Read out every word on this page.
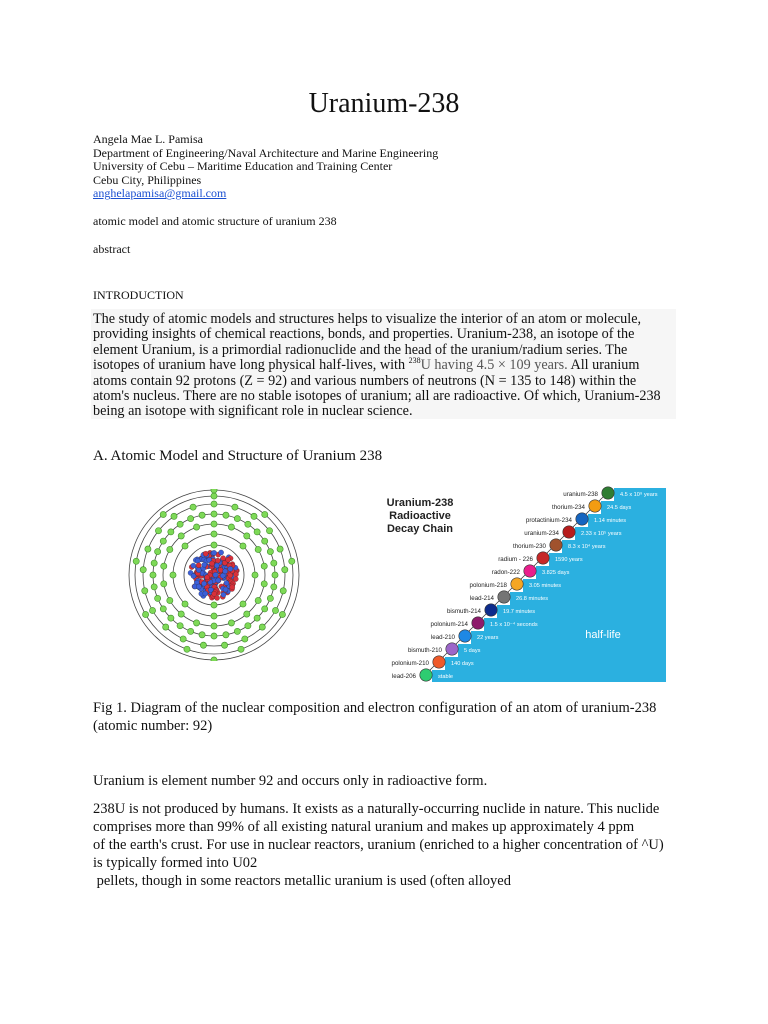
Uranium-238
Angela Mae L. Pamisa
Department of Engineering/Naval Architecture and Marine Engineering
University of Cebu – Maritime Education and Training Center
Cebu City, Philippines
anghelapamisa@gmail.com
atomic model and atomic structure of uranium 238
abstract
INTRODUCTION
The study of atomic models and structures helps to visualize the interior of an atom or molecule, providing insights of chemical reactions, bonds, and properties. Uranium-238, an isotope of the element Uranium, is a primordial radionuclide and the head of the uranium/radium series. The isotopes of uranium have long physical half-lives, with $^{238}$U having 4.5 × 109 years. All uranium atoms contain 92 protons (Z = 92) and various numbers of neutrons (N = 135 to 148) within the atom's nucleus. There are no stable isotopes of uranium; all are radioactive. Of which, Uranium-238 being an isotope with significant role in nuclear science.
A. Atomic Model and Structure of Uranium 238
Uranium-238
Radioactive
Decay Chain
uranium-238	4.5 x 10⁹ years
thorium-234	24.5 days
protactinium-234	1.14 minutes
uranium-234	2.33 x 10⁵ years
thorium-230	8.3 x 10⁴ years
radium - 226	1590 years
radon-222	3.825 days
polonium-218	3.05 minutes
lead-214	26.8 minutes
bismuth-214	19.7 minutes
polonium-214	1.5 x 10⁻⁴ seconds
lead-210	22 years
bismuth-210	5 days
polonium-210	140 days
lead-206	stable
half-life
Fig 1. Diagram of the nuclear composition and electron configuration of an atom of uranium-238 (atomic number: 92)
Uranium is element number 92 and occurs only in radioactive form.

238U is not produced by humans. It exists as a naturally-occurring nuclide in nature. This nuclide comprises more than 99% of all existing natural uranium and makes up approximately 4 ppm

of the earth's crust. For use in nuclear reactors, uranium (enriched to a higher concentration of ^U)

is typically formed into U02

pellets, though in some reactors metallic uranium is used (often alloyed
